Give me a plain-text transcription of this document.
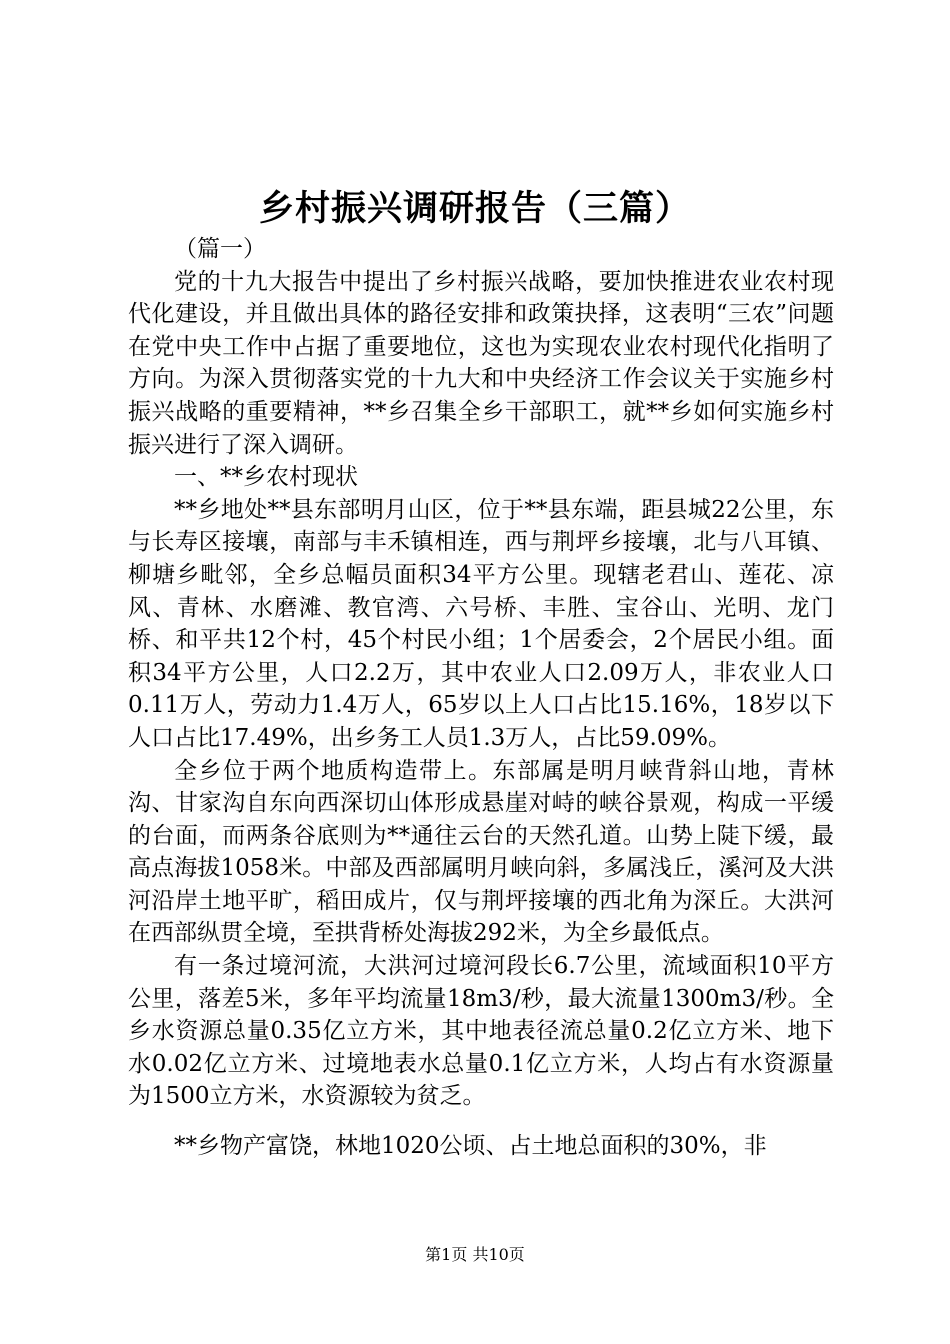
乡村振兴调研报告（三篇）

（篇一）

党的十九大报告中提出了乡村振兴战略，要加快推进农业农村现代化建设，并且做出具体的路径安排和政策抉择，这表明“三农”问题在党中央工作中占据了重要地位，这也为实现农业农村现代化指明了方向。为深入贯彻落实党的十九大和中央经济工作会议关于实施乡村振兴战略的重要精神，**乡召集全乡干部职工，就**乡如何实施乡村振兴进行了深入调研。

一、**乡农村现状

**乡地处**县东部明月山区，位于**县东端，距县城22公里，东与长寿区接壤，南部与丰禾镇相连，西与荆坪乡接壤，北与八耳镇、柳塘乡毗邻，全乡总幅员面积34平方公里。现辖老君山、莲花、凉风、青林、水磨滩、教官湾、六号桥、丰胜、宝谷山、光明、龙门桥、和平共12个村，45个村民小组；1个居委会，2个居民小组。面积34平方公里，人口2.2万，其中农业人口2.09万人，非农业人口0.11万人，劳动力1.4万人，65岁以上人口占比15.16%，18岁以下人口占比17.49%，出乡务工人员1.3万人，占比59.09%。

全乡位于两个地质构造带上。东部属是明月峡背斜山地，青林沟、甘家沟自东向西深切山体形成悬崖对峙的峡谷景观，构成一平缓的台面，而两条谷底则为**通往云台的天然孔道。山势上陡下缓，最高点海拔1058米。中部及西部属明月峡向斜，多属浅丘，溪河及大洪河沿岸土地平旷，稻田成片，仅与荆坪接壤的西北角为深丘。大洪河在西部纵贯全境，至拱背桥处海拔292米，为全乡最低点。

有一条过境河流，大洪河过境河段长6.7公里，流域面积10平方公里，落差5米，多年平均流量18m3/秒，最大流量1300m3/秒。全乡水资源总量0.35亿立方米，其中地表径流总量0.2亿立方米、地下水0.02亿立方米、过境地表水总量0.1亿立方米，人均占有水资源量为1500立方米，水资源较为贫乏。

**乡物产富饶，林地1020公顷、占土地总面积的30%，非

第1页 共10页
